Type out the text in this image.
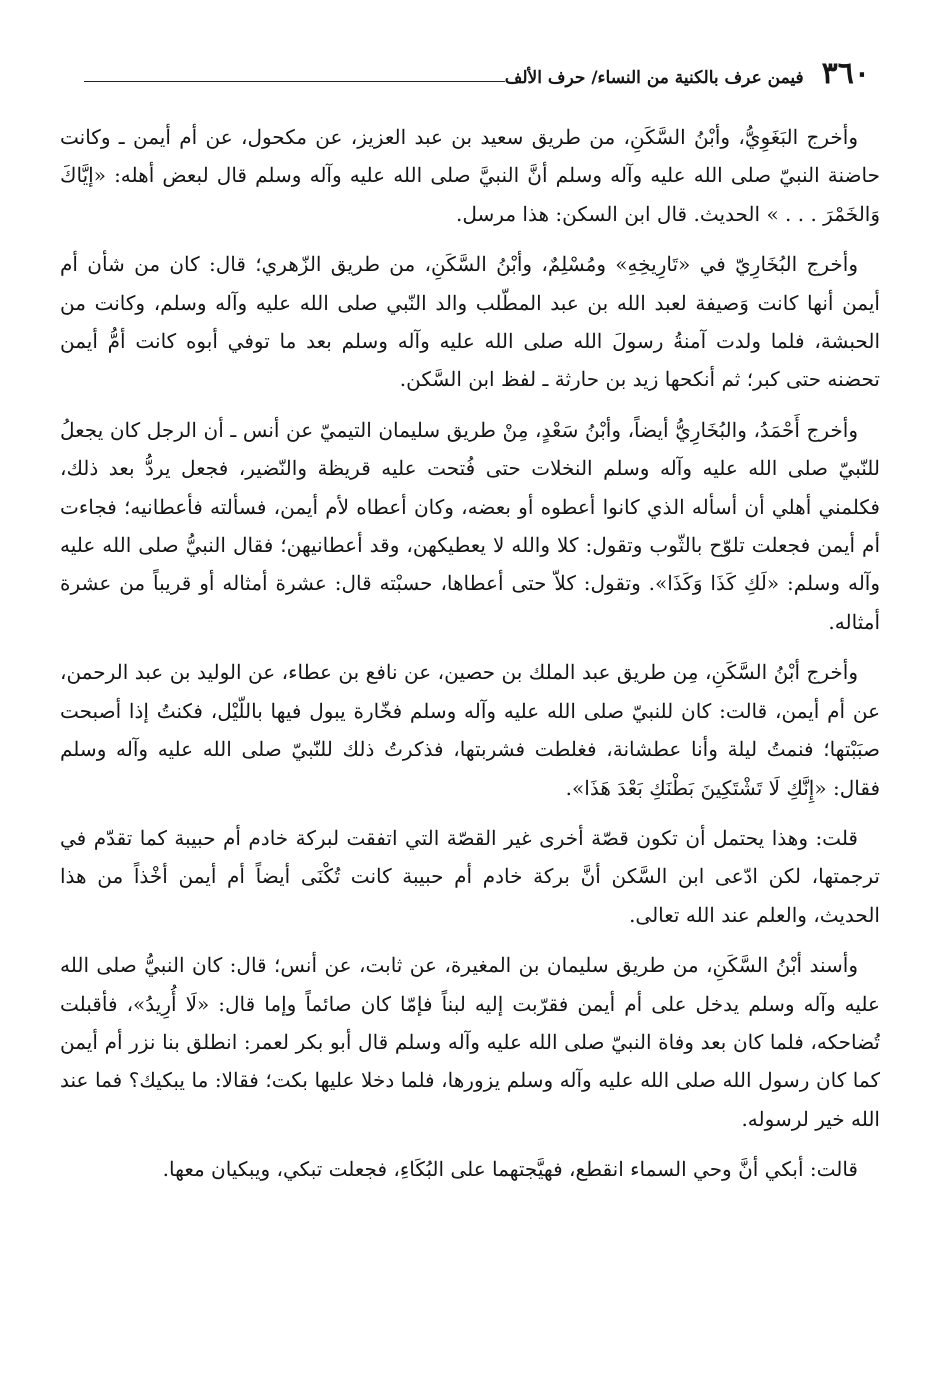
٣٦٠
فيمن عرف بالكنية من النساء/ حرف الألف

وأخرج البَغَوِيُّ، وأبْنُ السَّكَنِ، من طريق سعيد بن عبد العزيز، عن مكحول، عن أم أيمن ـ وكانت حاضنة النبيّ صلى الله عليه وآله وسلم أنَّ النبيَّ صلى الله عليه وآله وسلم قال لبعض أهله: «إيَّاكَ وَالخَمْرَ . . . » الحديث. قال ابن السكن: هذا مرسل.

وأخرج البُخَارِيّ في «تَارِيخِهِ» ومُسْلِمٌ، وأبْنُ السَّكَنِ، من طريق الزّهري؛ قال: كان من شأن أم أيمن أنها كانت وَصيفة لعبد الله بن عبد المطّلب والد النّبي صلى الله عليه وآله وسلم، وكانت من الحبشة، فلما ولدت آمنةُ رسولَ الله صلى الله عليه وآله وسلم بعد ما توفي أبوه كانت أمُّ أيمن تحضنه حتى كبر؛ ثم أنكحها زيد بن حارثة ـ لفظ ابن السَّكن.

وأخرج أَحْمَدُ، والبُخَارِيُّ أيضاً، وأبْنُ سَعْدٍ، مِنْ طريق سليمان التيميّ عن أنس ـ أن الرجل كان يجعلُ للنّبيّ صلى الله عليه وآله وسلم النخلات حتى فُتحت عليه قريظة والنّضير، فجعل يردُّ بعد ذلك، فكلمني أهلي أن أسأله الذي كانوا أعطوه أو بعضه، وكان أعطاه لأم أيمن، فسألته فأعطانيه؛ فجاءت أم أيمن فجعلت تلوّح بالثّوب وتقول: كلا والله لا يعطيكهن، وقد أعطانيهن؛ فقال النبيُّ صلى الله عليه وآله وسلم: «لَكِ كَذَا وَكَذَا». وتقول: كلاّ حتى أعطاها، حسبْته قال: عشرة أمثاله أو قريباً من عشرة أمثاله.

وأخرج أبْنُ السَّكَنِ، مِن طريق عبد الملك بن حصين، عن نافع بن عطاء، عن الوليد بن عبد الرحمن، عن أم أيمن، قالت: كان للنبيّ صلى الله عليه وآله وسلم فخّارة يبول فيها باللّيْل، فكنتُ إذا أصبحت صبَبْتها؛ فنمتُ ليلة وأنا عطشانة، فغلطت فشربتها، فذكرتُ ذلك للنّبيّ صلى الله عليه وآله وسلم فقال: «إِنَّكِ لَا تَشْتَكِينَ بَطْنَكِ بَعْدَ هَذَا».

قلت: وهذا يحتمل أن تكون قصّة أخرى غير القصّة التي اتفقت لبركة خادم أم حبيبة كما تقدّم في ترجمتها، لكن ادّعى ابن السَّكن أنَّ بركة خادم أم حبيبة كانت تُكْنَى أيضاً أم أيمن أخْذاً من هذا الحديث، والعلم عند الله تعالى.

وأسند أبْنُ السَّكَنِ، من طريق سليمان بن المغيرة، عن ثابت، عن أنس؛ قال: كان النبيُّ صلى الله عليه وآله وسلم يدخل على أم أيمن فقرّبت إليه لبناً فإمّا كان صائماً وإما قال: «لَا أُرِيدُ»، فأقبلت تُضاحكه، فلما كان بعد وفاة النبيّ صلى الله عليه وآله وسلم قال أبو بكر لعمر: انطلق بنا نزر أم أيمن كما كان رسول الله صلى الله عليه وآله وسلم يزورها، فلما دخلا عليها بكت؛ فقالا: ما يبكيك؟ فما عند الله خير لرسوله.

قالت: أبكي أنَّ وحي السماء انقطع، فهيَّجتهما على البُكَاءِ، فجعلت تبكي، ويبكيان معها.
